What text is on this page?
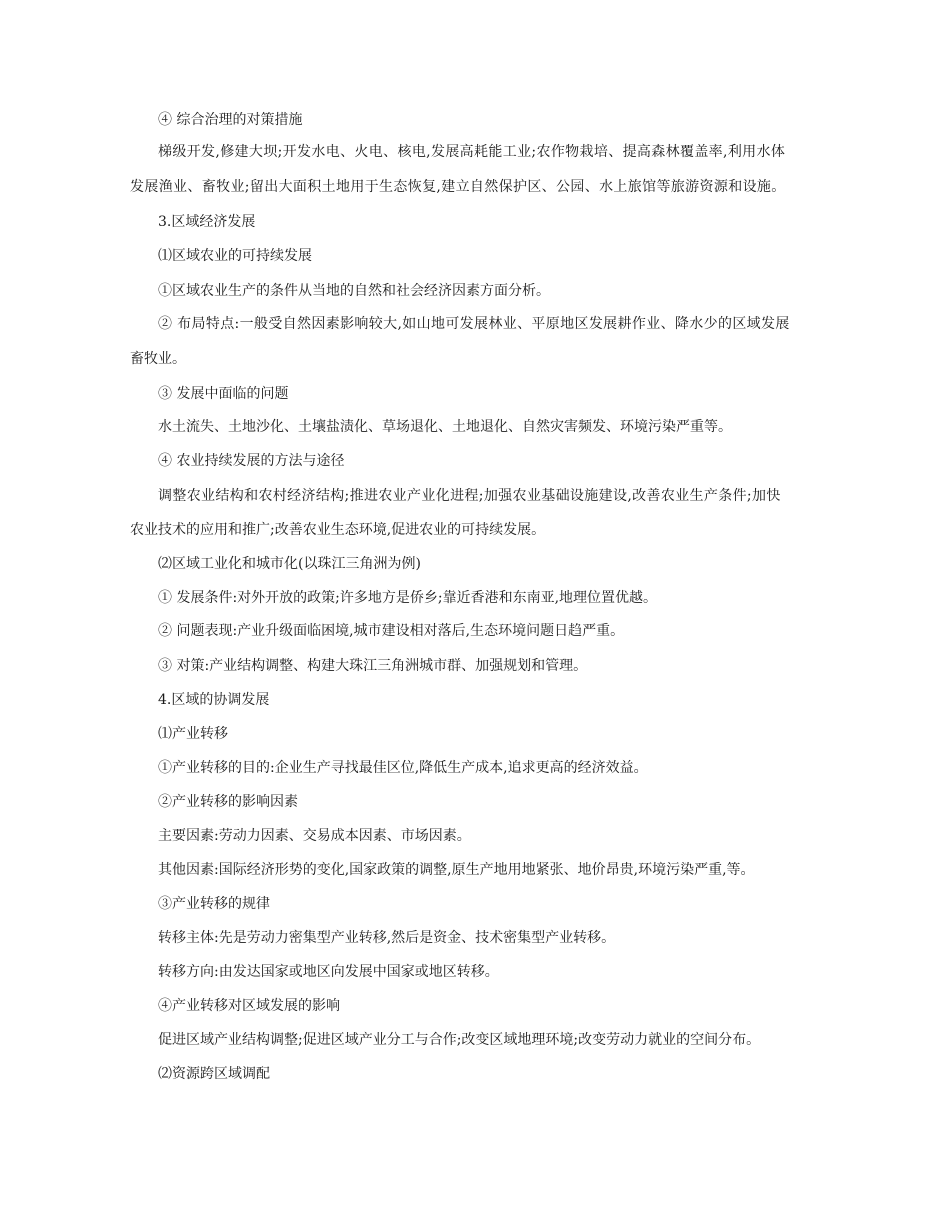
④ 综合治理的对策措施
梯级开发,修建大坝;开发水电、火电、核电,发展高耗能工业;农作物栽培、提高森林覆盖率,利用水体
发展渔业、畜牧业;留出大面积土地用于生态恢复,建立自然保护区、公园、水上旅馆等旅游资源和设施。
3.区域经济发展
⑴区域农业的可持续发展
①区域农业生产的条件从当地的自然和社会经济因素方面分析。
② 布局特点:一般受自然因素影响较大,如山地可发展林业、平原地区发展耕作业、降水少的区域发展
畜牧业。
③ 发展中面临的问题
水土流失、土地沙化、土壤盐渍化、草场退化、土地退化、自然灾害频发、环境污染严重等。
④ 农业持续发展的方法与途径
调整农业结构和农村经济结构;推进农业产业化进程;加强农业基础设施建设,改善农业生产条件;加快
农业技术的应用和推广;改善农业生态环境,促进农业的可持续发展。
⑵区域工业化和城市化(以珠江三角洲为例)
① 发展条件:对外开放的政策;许多地方是侨乡;靠近香港和东南亚,地理位置优越。
② 问题表现:产业升级面临困境,城市建设相对落后,生态环境问题日趋严重。
③ 对策:产业结构调整、构建大珠江三角洲城市群、加强规划和管理。
4.区域的协调发展
⑴产业转移
①产业转移的目的:企业生产寻找最佳区位,降低生产成本,追求更高的经济效益。
②产业转移的影响因素
主要因素:劳动力因素、交易成本因素、市场因素。
其他因素:国际经济形势的变化,国家政策的调整,原生产地用地紧张、地价昂贵,环境污染严重,等。
③产业转移的规律
转移主体:先是劳动力密集型产业转移,然后是资金、技术密集型产业转移。
转移方向:由发达国家或地区向发展中国家或地区转移。
④产业转移对区域发展的影响
促进区域产业结构调整;促进区域产业分工与合作;改变区域地理环境;改变劳动力就业的空间分布。
⑵资源跨区域调配
